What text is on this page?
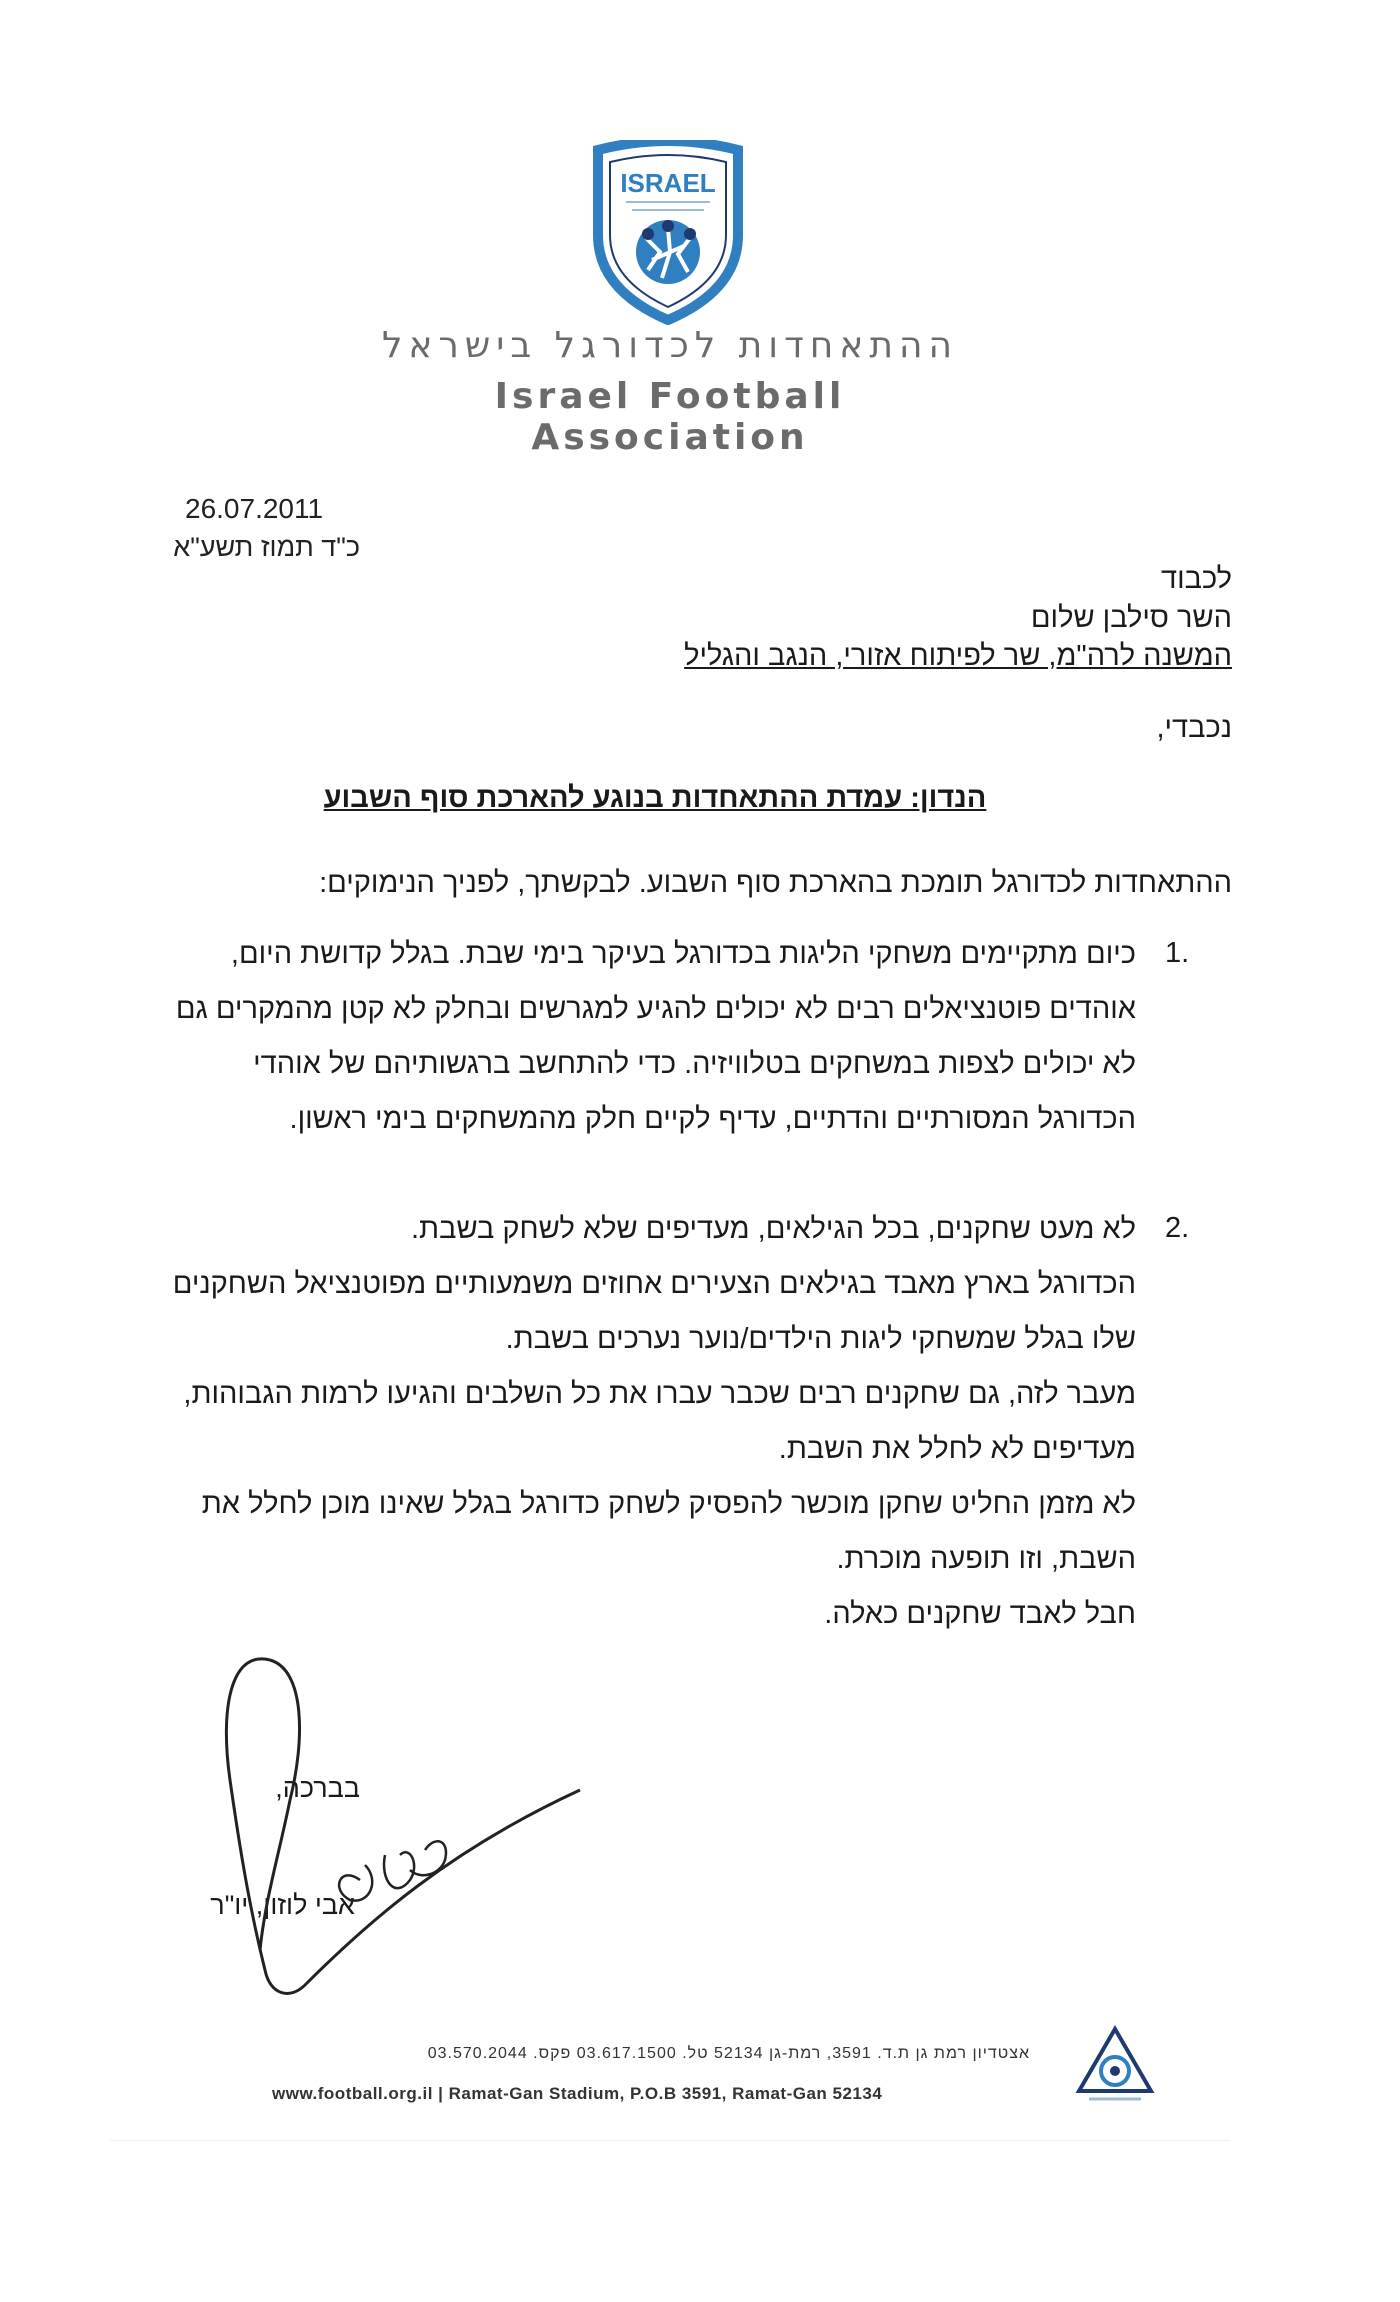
ISRAEL
ההתאחדות לכדורגל בישראל
Israel Football Association
26.07.2011
כ"ד תמוז תשע"א
לכבוד
השר סילבן שלום
המשנה לרה"מ, שר לפיתוח אזורי, הנגב והגליל
נכבדי,
הנדון: עמדת ההתאחדות בנוגע להארכת סוף השבוע
ההתאחדות לכדורגל תומכת בהארכת סוף השבוע. לבקשתך, לפניך הנימוקים:
1.
כיום מתקיימים משחקי הליגות בכדורגל בעיקר בימי שבת. בגלל קדושת היום,
אוהדים פוטנציאלים רבים לא יכולים להגיע למגרשים ובחלק לא קטן מהמקרים גם
לא יכולים לצפות במשחקים בטלוויזיה. כדי להתחשב ברגשותיהם של אוהדי
הכדורגל המסורתיים והדתיים, עדיף לקיים חלק מהמשחקים בימי ראשון.
2.
לא מעט שחקנים, בכל הגילאים, מעדיפים שלא לשחק בשבת.
הכדורגל בארץ מאבד בגילאים הצעירים אחוזים משמעותיים מפוטנציאל השחקנים
שלו בגלל שמשחקי ליגות הילדים/נוער נערכים בשבת.
מעבר לזה, גם שחקנים רבים שכבר עברו את כל השלבים והגיעו לרמות הגבוהות,
מעדיפים לא לחלל את השבת.
לא מזמן החליט שחקן מוכשר להפסיק לשחק כדורגל בגלל שאינו מוכן לחלל את
השבת, וזו תופעה מוכרת.
חבל לאבד שחקנים כאלה.
בברכה,
אבי לוזון, יו"ר
אצטדיון רמת גן ת.ד. 3591, רמת-גן 52134 טל. 03.617.1500 פקס. 03.570.2044
www.football.org.il | Ramat-Gan Stadium, P.O.B 3591, Ramat-Gan 52134
